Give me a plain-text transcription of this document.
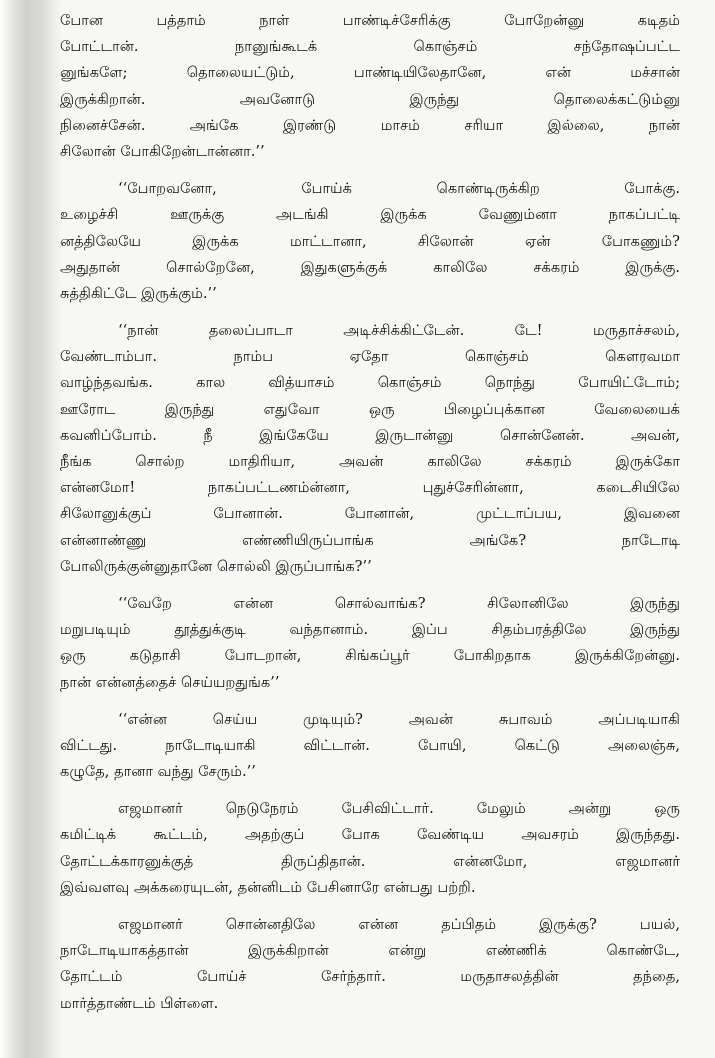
போன பத்தாம் நாள் பாண்டிச்சேரிக்கு போறேன்னு கடிதம்
போட்டான். நானுங்கூடக் கொஞ்சம் சந்தோஷப்பட்ட
னுங்களே; தொலையட்டும், பாண்டியிலேதானே, என் மச்சான்
இருக்கிறான். அவனோடு இருந்து தொலைக்கட்டும்னு
நினைச்சேன். அங்கே இரண்டு மாசம் சரியா இல்லை, நான்
சிலோன் போகிறேன்டான்னா.’’
‘‘போறவனோ, போய்க் கொண்டிருக்கிற போக்கு.
உழைச்சி ஊருக்கு அடங்கி இருக்க வேணும்னா நாகப்பட்டி
னத்திலேயே இருக்க மாட்டானா, சிலோன் ஏன் போகணும்?
அதுதான் சொல்றேனே, இதுகளுக்குக் காலிலே சக்கரம் இருக்கு.
சுத்திகிட்டே இருக்கும்.’’
‘‘நான் தலைப்பாடா அடிச்சிக்கிட்டேன். டே! மருதாச்சலம்,
வேண்டாம்பா. நாம்ப ஏதோ கொஞ்சம் கௌரவமா
வாழ்ந்தவங்க. கால வித்யாசம் கொஞ்சம் நொந்து போயிட்டோம்;
ஊரோட இருந்து எதுவோ ஒரு பிழைப்புக்கான வேலையைக்
கவனிப்போம். நீ இங்கேயே இருடான்னு சொன்னேன். அவன்,
நீங்க சொல்ற மாதிரியா, அவன் காலிலே சக்கரம் இருக்கோ
என்னமோ! நாகப்பட்டணம்ன்னா, புதுச்சேரின்னா, கடைசியிலே
சிலோனுக்குப் போனான். போனான், முட்டாப்பய, இவனை
என்னாண்ணு எண்ணியிருப்பாங்க அங்கே? நாடோடி
போலிருக்குன்னுதானே சொல்லி இருப்பாங்க?’’
‘‘வேறே என்ன சொல்வாங்க? சிலோனிலே இருந்து
மறுபடியும் தூத்துக்குடி வந்தானாம். இப்ப சிதம்பரத்திலே இருந்து
ஒரு கடுதாசி போடறான், சிங்கப்பூர் போகிறதாக இருக்கிறேன்னு.
நான் என்னத்தைச் செய்யறதுங்க’’
‘‘என்ன செய்ய முடியும்? அவன் சுபாவம் அப்படியாகி
விட்டது. நாடோடியாகி விட்டான். போயி, கெட்டு அலைஞ்சு,
கழுதே, தானா வந்து சேரும்.’’
எஜமானர் நெடுநேரம் பேசிவிட்டார். மேலும் அன்று ஒரு
கமிட்டிக் கூட்டம், அதற்குப் போக வேண்டிய அவசரம் இருந்தது.
தோட்டக்காரனுக்குத் திருப்திதான். என்னமோ, எஜமானர்
இவ்வளவு அக்கரையுடன், தன்னிடம் பேசினாரே என்பது பற்றி.
எஜமானர் சொன்னதிலே என்ன தப்பிதம் இருக்கு? பயல்,
நாடோடியாகத்தான் இருக்கிறான் என்று எண்ணிக் கொண்டே,
தோட்டம் போய்ச் சேர்ந்தார். மருதாசலத்தின் தந்தை,
மார்த்தாண்டம் பிள்ளை.
